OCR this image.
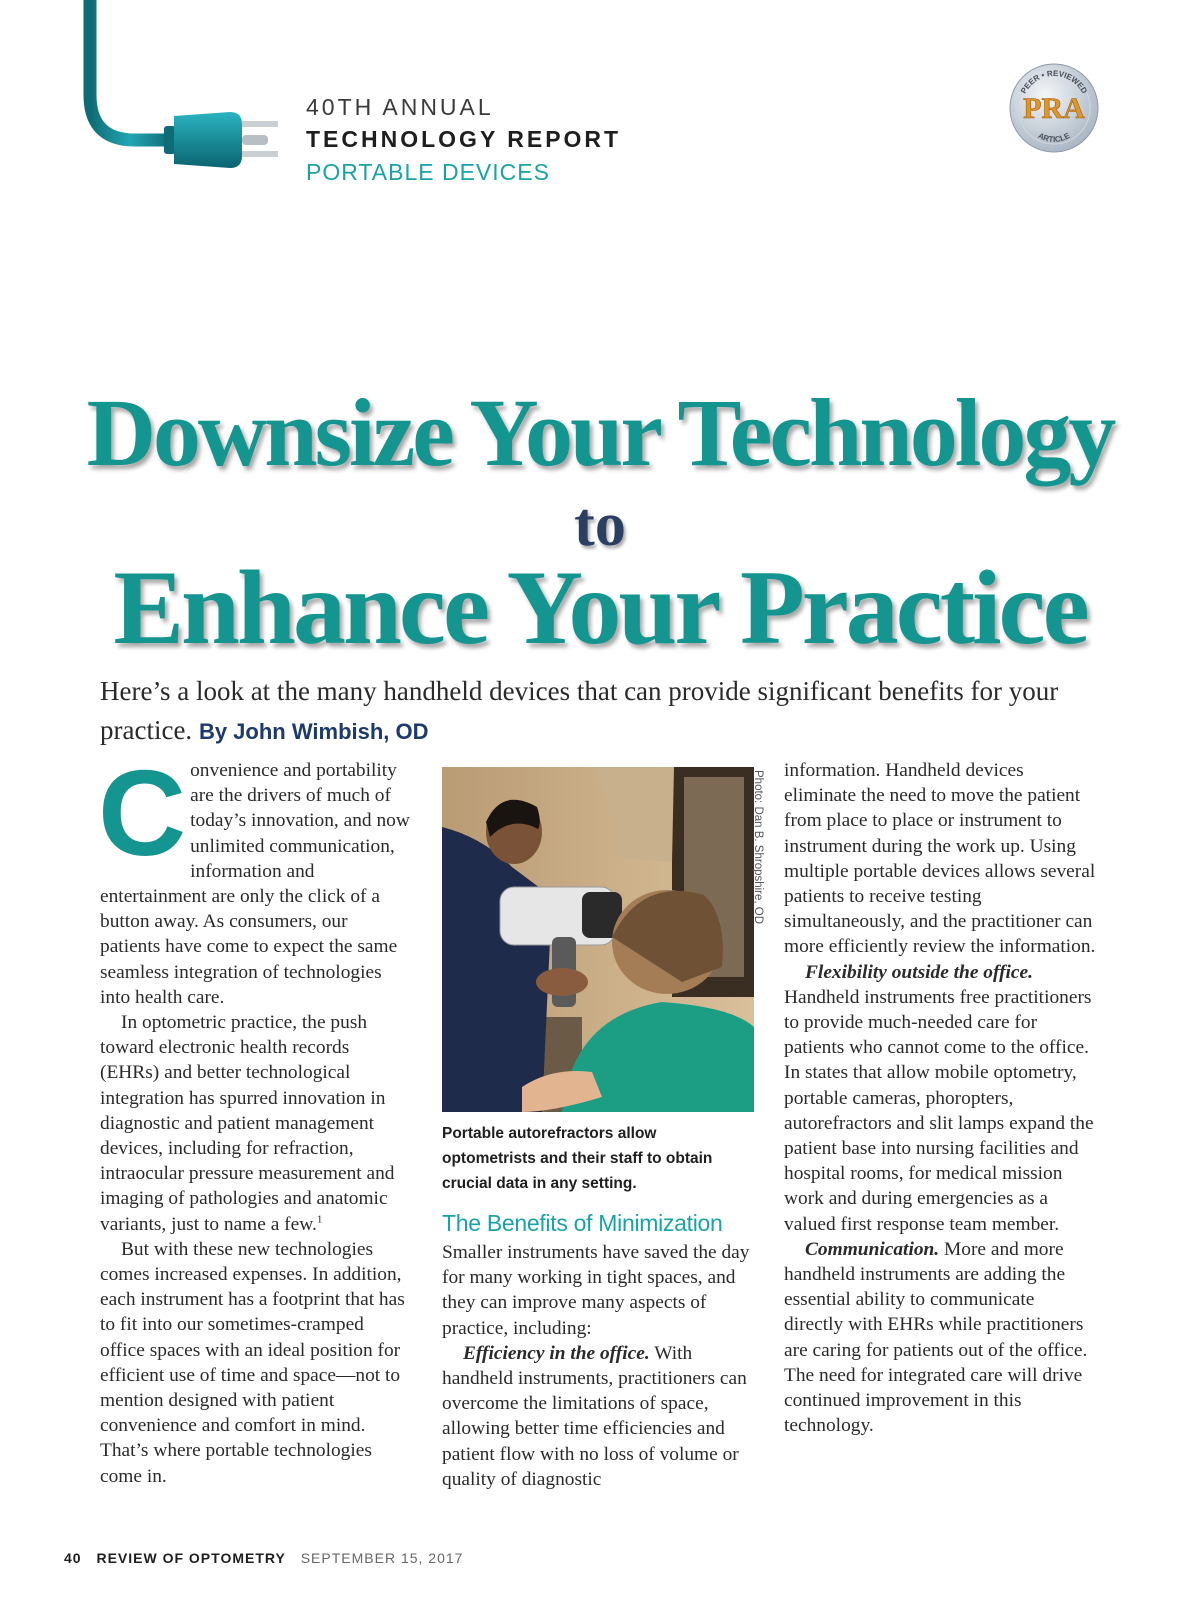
40TH ANNUAL
TECHNOLOGY REPORT
PORTABLE DEVICES
PEER • REVIEWED
ARTICLE
PRA
Downsize Your Technology
to
Enhance Your Practice
Here’s a look at the many handheld devices that can provide significant benefits for your practice. By John Wimbish, OD

Convenience and portability are the drivers of much of today’s innovation, and now unlimited communication, information and entertainment are only the click of a button away. As consumers, our patients have come to expect the same seamless integration of technologies into health care.

In optometric practice, the push toward electronic health records (EHRs) and better technological integration has spurred innovation in diagnostic and patient management devices, including for refraction, intraocular pressure measurement and imaging of pathologies and anatomic variants, just to name a few.$^1$

But with these new technologies comes increased expenses. In addition, each instrument has a footprint that has to fit into our sometimes-cramped office spaces with an ideal position for efficient use of time and space—not to mention designed with patient convenience and comfort in mind. That’s where portable technologies come in.

Photo: Dan B. Shropshire, OD
Portable autorefractors allow optometrists and their staff to obtain crucial data in any setting.
The Benefits of Minimization

Smaller instruments have saved the day for many working in tight spaces, and they can improve many aspects of practice, including:

Efficiency in the office. With handheld instruments, practitioners can overcome the limitations of space, allowing better time efficiencies and patient flow with no loss of volume or quality of diagnostic

information. Handheld devices eliminate the need to move the patient from place to place or instrument to instrument during the work up. Using multiple portable devices allows several patients to receive testing simultaneously, and the practitioner can more efficiently review the information.

Flexibility outside the office. Handheld instruments free practitioners to provide much-needed care for patients who cannot come to the office. In states that allow mobile optometry, portable cameras, phoropters, autorefractors and slit lamps expand the patient base into nursing facilities and hospital rooms, for medical mission work and during emergencies as a valued first response team member.

Communication. More and more handheld instruments are adding the essential ability to communicate directly with EHRs while practitioners are caring for patients out of the office. The need for integrated care will drive continued improvement in this technology.

40 REVIEW OF OPTOMETRY SEPTEMBER 15, 2017
